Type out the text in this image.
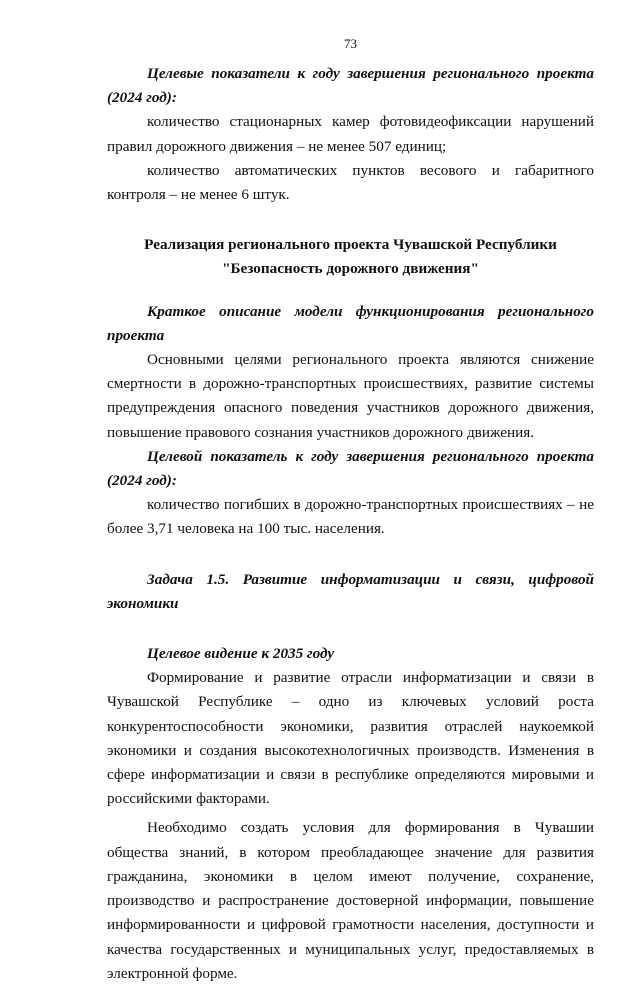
73

Целевые показатели к году завершения регионального проекта (2024 год):

количество стационарных камер фотовидеофиксации нарушений правил дорожного движения – не менее 507 единиц;

количество автоматических пунктов весового и габаритного контроля – не менее 6 штук.

Реализация регионального проекта Чувашской Республики

"Безопасность дорожного движения"

Краткое описание модели функционирования регионального проекта

Основными целями регионального проекта являются снижение смертности в дорожно-транспортных происшествиях, развитие системы предупреждения опасного поведения участников дорожного движения, повышение правового сознания участников дорожного движения.

Целевой показатель к году завершения регионального проекта (2024 год):

количество погибших в дорожно-транспортных происшествиях – не более 3,71 человека на 100 тыс. населения.

Задача 1.5. Развитие информатизации и связи, цифровой экономики

Целевое видение к 2035 году

Формирование и развитие отрасли информатизации и связи в Чувашской Республике – одно из ключевых условий роста конкурентоспособности экономики, развития отраслей наукоемкой экономики и создания высокотехнологичных производств. Изменения в сфере информатизации и связи в республике определяются мировыми и российскими факторами.

Необходимо создать условия для формирования в Чувашии общества знаний, в котором преобладающее значение для развития гражданина, экономики в целом имеют получение, сохранение, производство и распространение достоверной информации, повышение информированности и цифровой грамотности населения, доступности и качества государственных и муниципальных услуг, предоставляемых в электронной форме.
